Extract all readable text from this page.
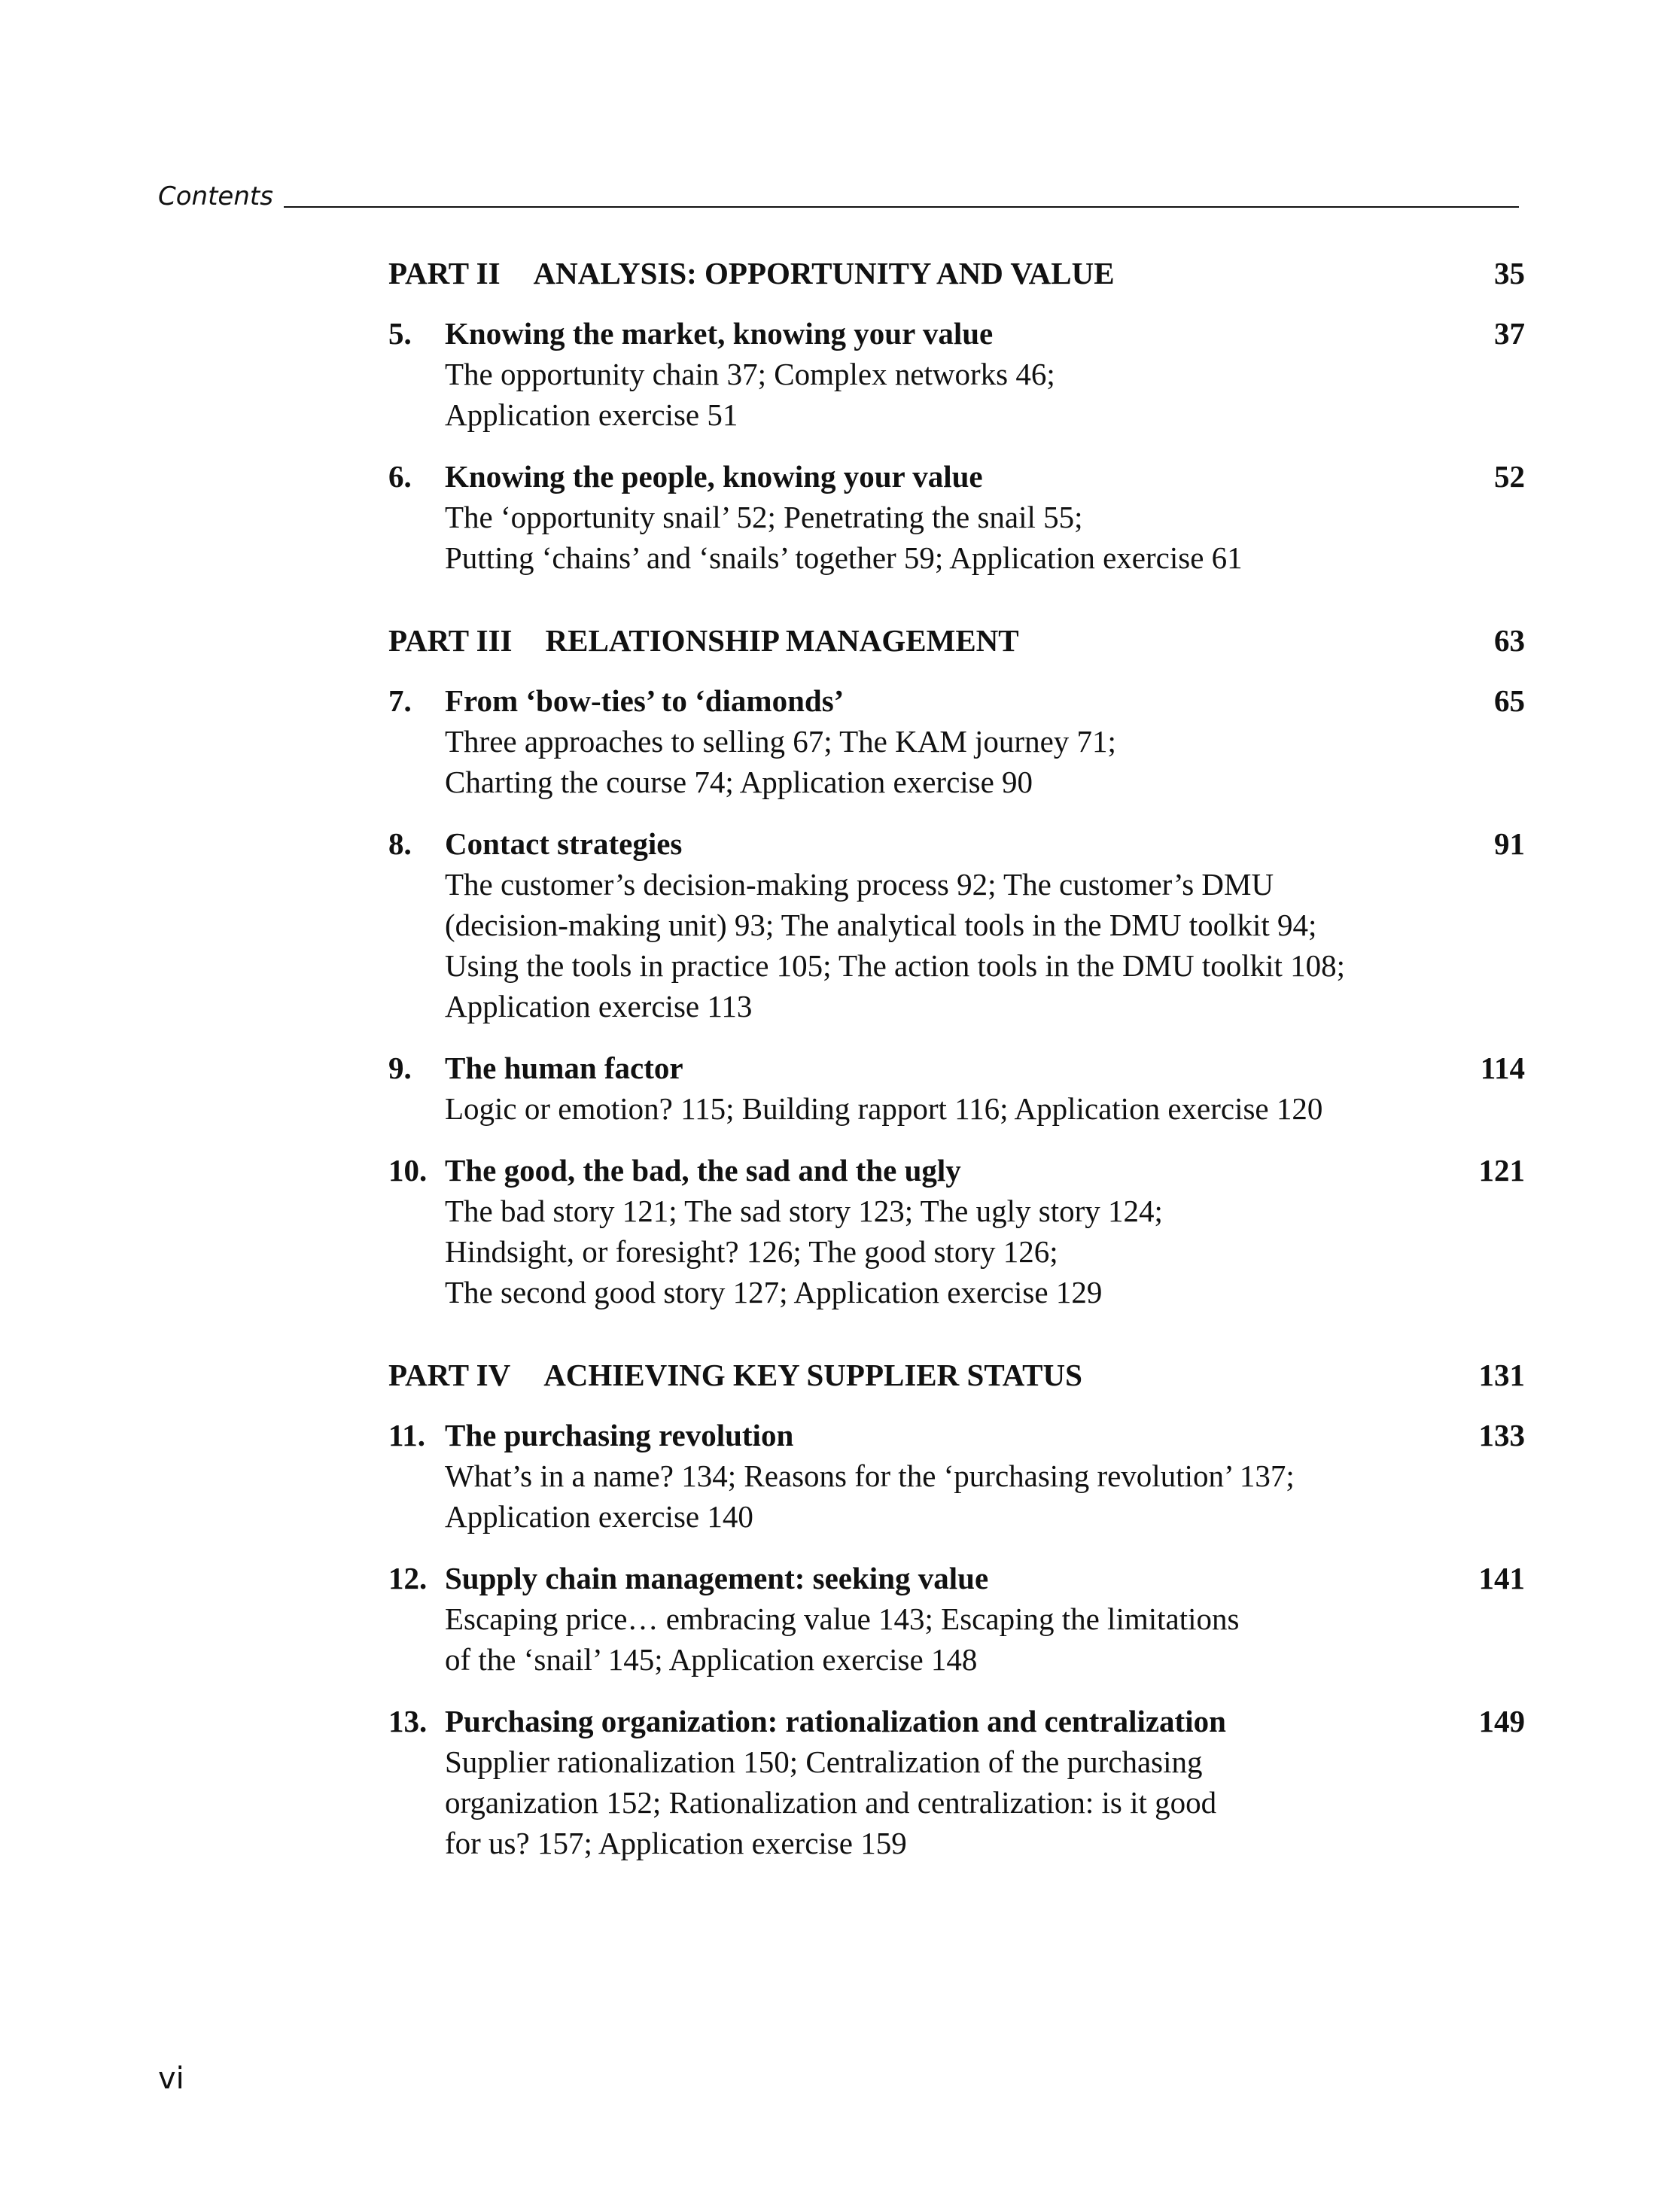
Contents
PART II ANALYSIS: OPPORTUNITY AND VALUE	35
5.	Knowing the market, knowing your value	37
The opportunity chain 37; Complex networks 46;
Application exercise 51
6.	Knowing the people, knowing your value	52
The ‘opportunity snail’ 52; Penetrating the snail 55;
Putting ‘chains’ and ‘snails’ together 59; Application exercise 61
PART III RELATIONSHIP MANAGEMENT	63
7.	From ‘bow-ties’ to ‘diamonds’	65
Three approaches to selling 67; The KAM journey 71;
Charting the course 74; Application exercise 90
8.	Contact strategies	91
The customer’s decision-making process 92; The customer’s DMU
(decision-making unit) 93; The analytical tools in the DMU toolkit 94;
Using the tools in practice 105; The action tools in the DMU toolkit 108;
Application exercise 113
9.	The human factor	114
Logic or emotion? 115; Building rapport 116; Application exercise 120
10. The good, the bad, the sad and the ugly	121
The bad story 121; The sad story 123; The ugly story 124;
Hindsight, or foresight? 126; The good story 126;
The second good story 127; Application exercise 129
PART IV ACHIEVING KEY SUPPLIER STATUS	131
11. The purchasing revolution	133
What’s in a name? 134; Reasons for the ‘purchasing revolution’ 137;
Application exercise 140
12. Supply chain management: seeking value	141
Escaping price… embracing value 143; Escaping the limitations
of the ‘snail’ 145; Application exercise 148
13. Purchasing organization: rationalization and centralization	149
Supplier rationalization 150; Centralization of the purchasing
organization 152; Rationalization and centralization: is it good
for us? 157; Application exercise 159
vi
